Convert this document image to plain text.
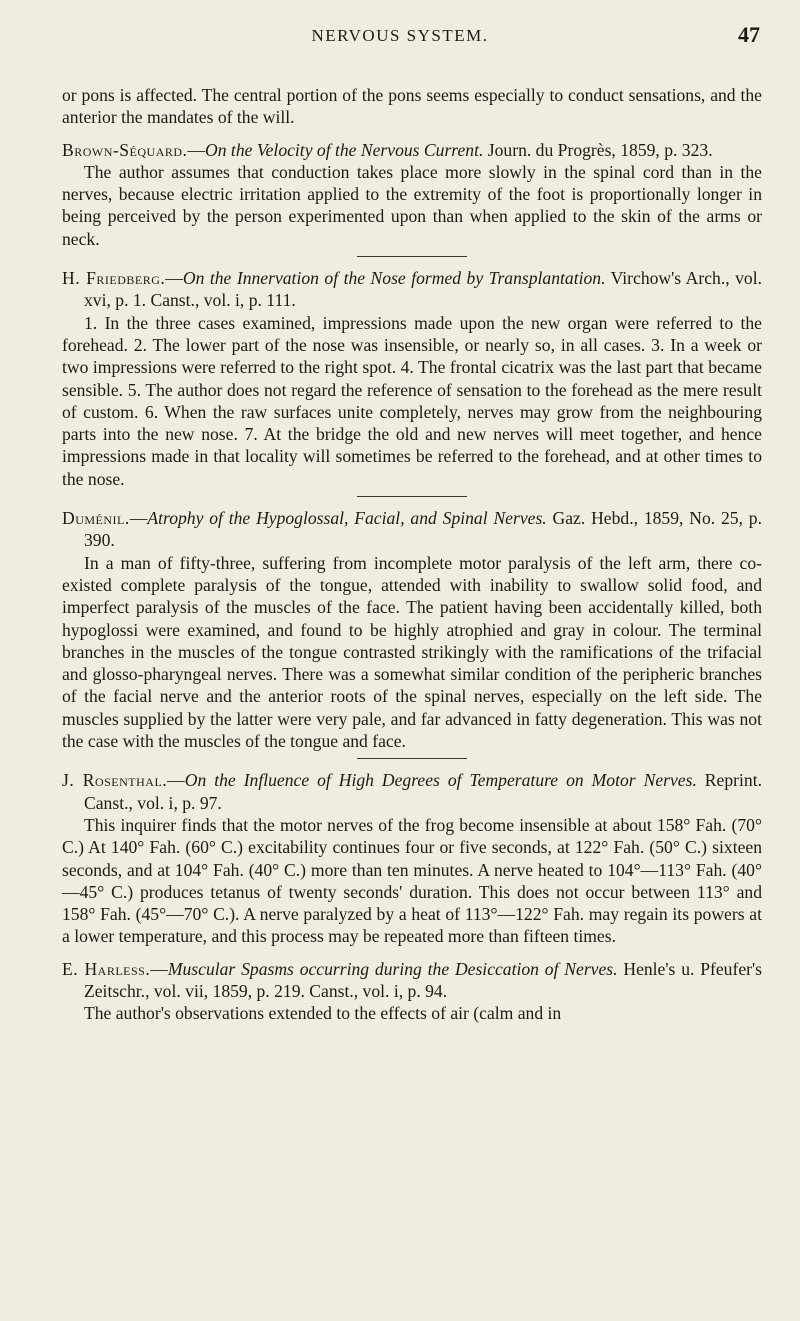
NERVOUS SYSTEM.	47

or pons is affected. The central portion of the pons seems especially to conduct sensations, and the anterior the mandates of the will.

Brown-Séquard.—On the Velocity of the Nervous Current. Journ. du Progrès, 1859, p. 323.

The author assumes that conduction takes place more slowly in the spinal cord than in the nerves, because electric irritation applied to the extremity of the foot is proportionally longer in being perceived by the person experimented upon than when applied to the skin of the arms or neck.

H. Friedberg.—On the Innervation of the Nose formed by Transplantation. Virchow's Arch., vol. xvi, p. 1. Canst., vol. i, p. 111.

1. In the three cases examined, impressions made upon the new organ were referred to the forehead. 2. The lower part of the nose was insensible, or nearly so, in all cases. 3. In a week or two impressions were referred to the right spot. 4. The frontal cicatrix was the last part that became sensible. 5. The author does not regard the reference of sensation to the forehead as the mere result of custom. 6. When the raw surfaces unite completely, nerves may grow from the neighbouring parts into the new nose. 7. At the bridge the old and new nerves will meet together, and hence impressions made in that locality will sometimes be referred to the forehead, and at other times to the nose.

Duménil.—Atrophy of the Hypoglossal, Facial, and Spinal Nerves. Gaz. Hebd., 1859, No. 25, p. 390.

In a man of fifty-three, suffering from incomplete motor paralysis of the left arm, there co-existed complete paralysis of the tongue, attended with inability to swallow solid food, and imperfect paralysis of the muscles of the face. The patient having been accidentally killed, both hypoglossi were examined, and found to be highly atrophied and gray in colour. The terminal branches in the muscles of the tongue contrasted strikingly with the ramifications of the trifacial and glosso-pharyngeal nerves. There was a somewhat similar condition of the peripheric branches of the facial nerve and the anterior roots of the spinal nerves, especially on the left side. The muscles supplied by the latter were very pale, and far advanced in fatty degeneration. This was not the case with the muscles of the tongue and face.

J. Rosenthal.—On the Influence of High Degrees of Temperature on Motor Nerves. Reprint. Canst., vol. i, p. 97.

This inquirer finds that the motor nerves of the frog become insensible at about 158° Fah. (70° C.) At 140° Fah. (60° C.) excitability continues four or five seconds, at 122° Fah. (50° C.) sixteen seconds, and at 104° Fah. (40° C.) more than ten minutes. A nerve heated to 104°—113° Fah. (40°—45° C.) produces tetanus of twenty seconds' duration. This does not occur between 113° and 158° Fah. (45°—70° C.). A nerve paralyzed by a heat of 113°—122° Fah. may regain its powers at a lower temperature, and this process may be repeated more than fifteen times.

E. Harless.—Muscular Spasms occurring during the Desiccation of Nerves. Henle's u. Pfeufer's Zeitschr., vol. vii, 1859, p. 219. Canst., vol. i, p. 94.

The author's observations extended to the effects of air (calm and in
